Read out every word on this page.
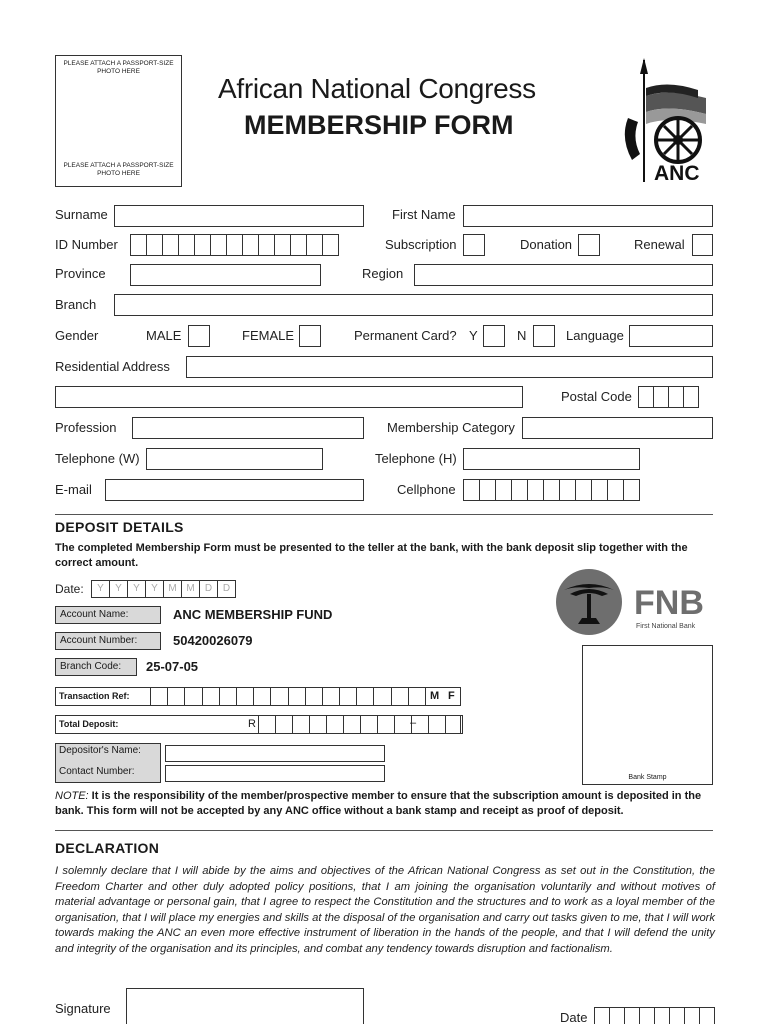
PLEASE ATTACH A PASSPORT-SIZE PHOTO HERE
PLEASE ATTACH A PASSPORT-SIZE PHOTO HERE
African National Congress
MEMBERSHIP FORM
ANC
Surname	First Name
ID Number	Subscription	Donation	Renewal
Province	Region
Branch
Gender	MALE	FEMALE	Permanent Card? Y	N	Language
Residential Address
Postal Code
Profession	Membership Category
Telephone (W)	Telephone (H)
E-mail	Cellphone
DEPOSIT DETAILS
The completed Membership Form must be presented to the teller at the bank, with the bank deposit slip together with the correct amount.
Date:	Y	Y	Y	Y	M M	D	D
Account Name:	ANC MEMBERSHIP FUND
Account Number:	50420026079
Branch Code:	25-07-05
Transaction Ref:	M F
Total Deposit:	R	–
Depositor's Name:
Contact Number:
FNB
First National Bank
Bank Stamp
NOTE: It is the responsibility of the member/prospective member to ensure that the subscription amount is deposited in the bank. This form will not be accepted by any ANC office without a bank stamp and receipt as proof of deposit.
DECLARATION
I solemnly declare that I will abide by the aims and objectives of the African National Congress as set out in the Constitution, the Freedom Charter and other duly adopted policy positions, that I am joining the organisation voluntarily and without motives of material advantage or personal gain, that I agree to respect the Constitution and the structures and to work as a loyal member of the organisation, that I will place my energies and skills at the disposal of the organisation and carry out tasks given to me, that I will work towards making the ANC an even more effective instrument of liberation in the hands of the people, and that I will defend the unity and integrity of the organisation and its principles, and combat any tendency towards disruption and factionalism.
Signature
Date
